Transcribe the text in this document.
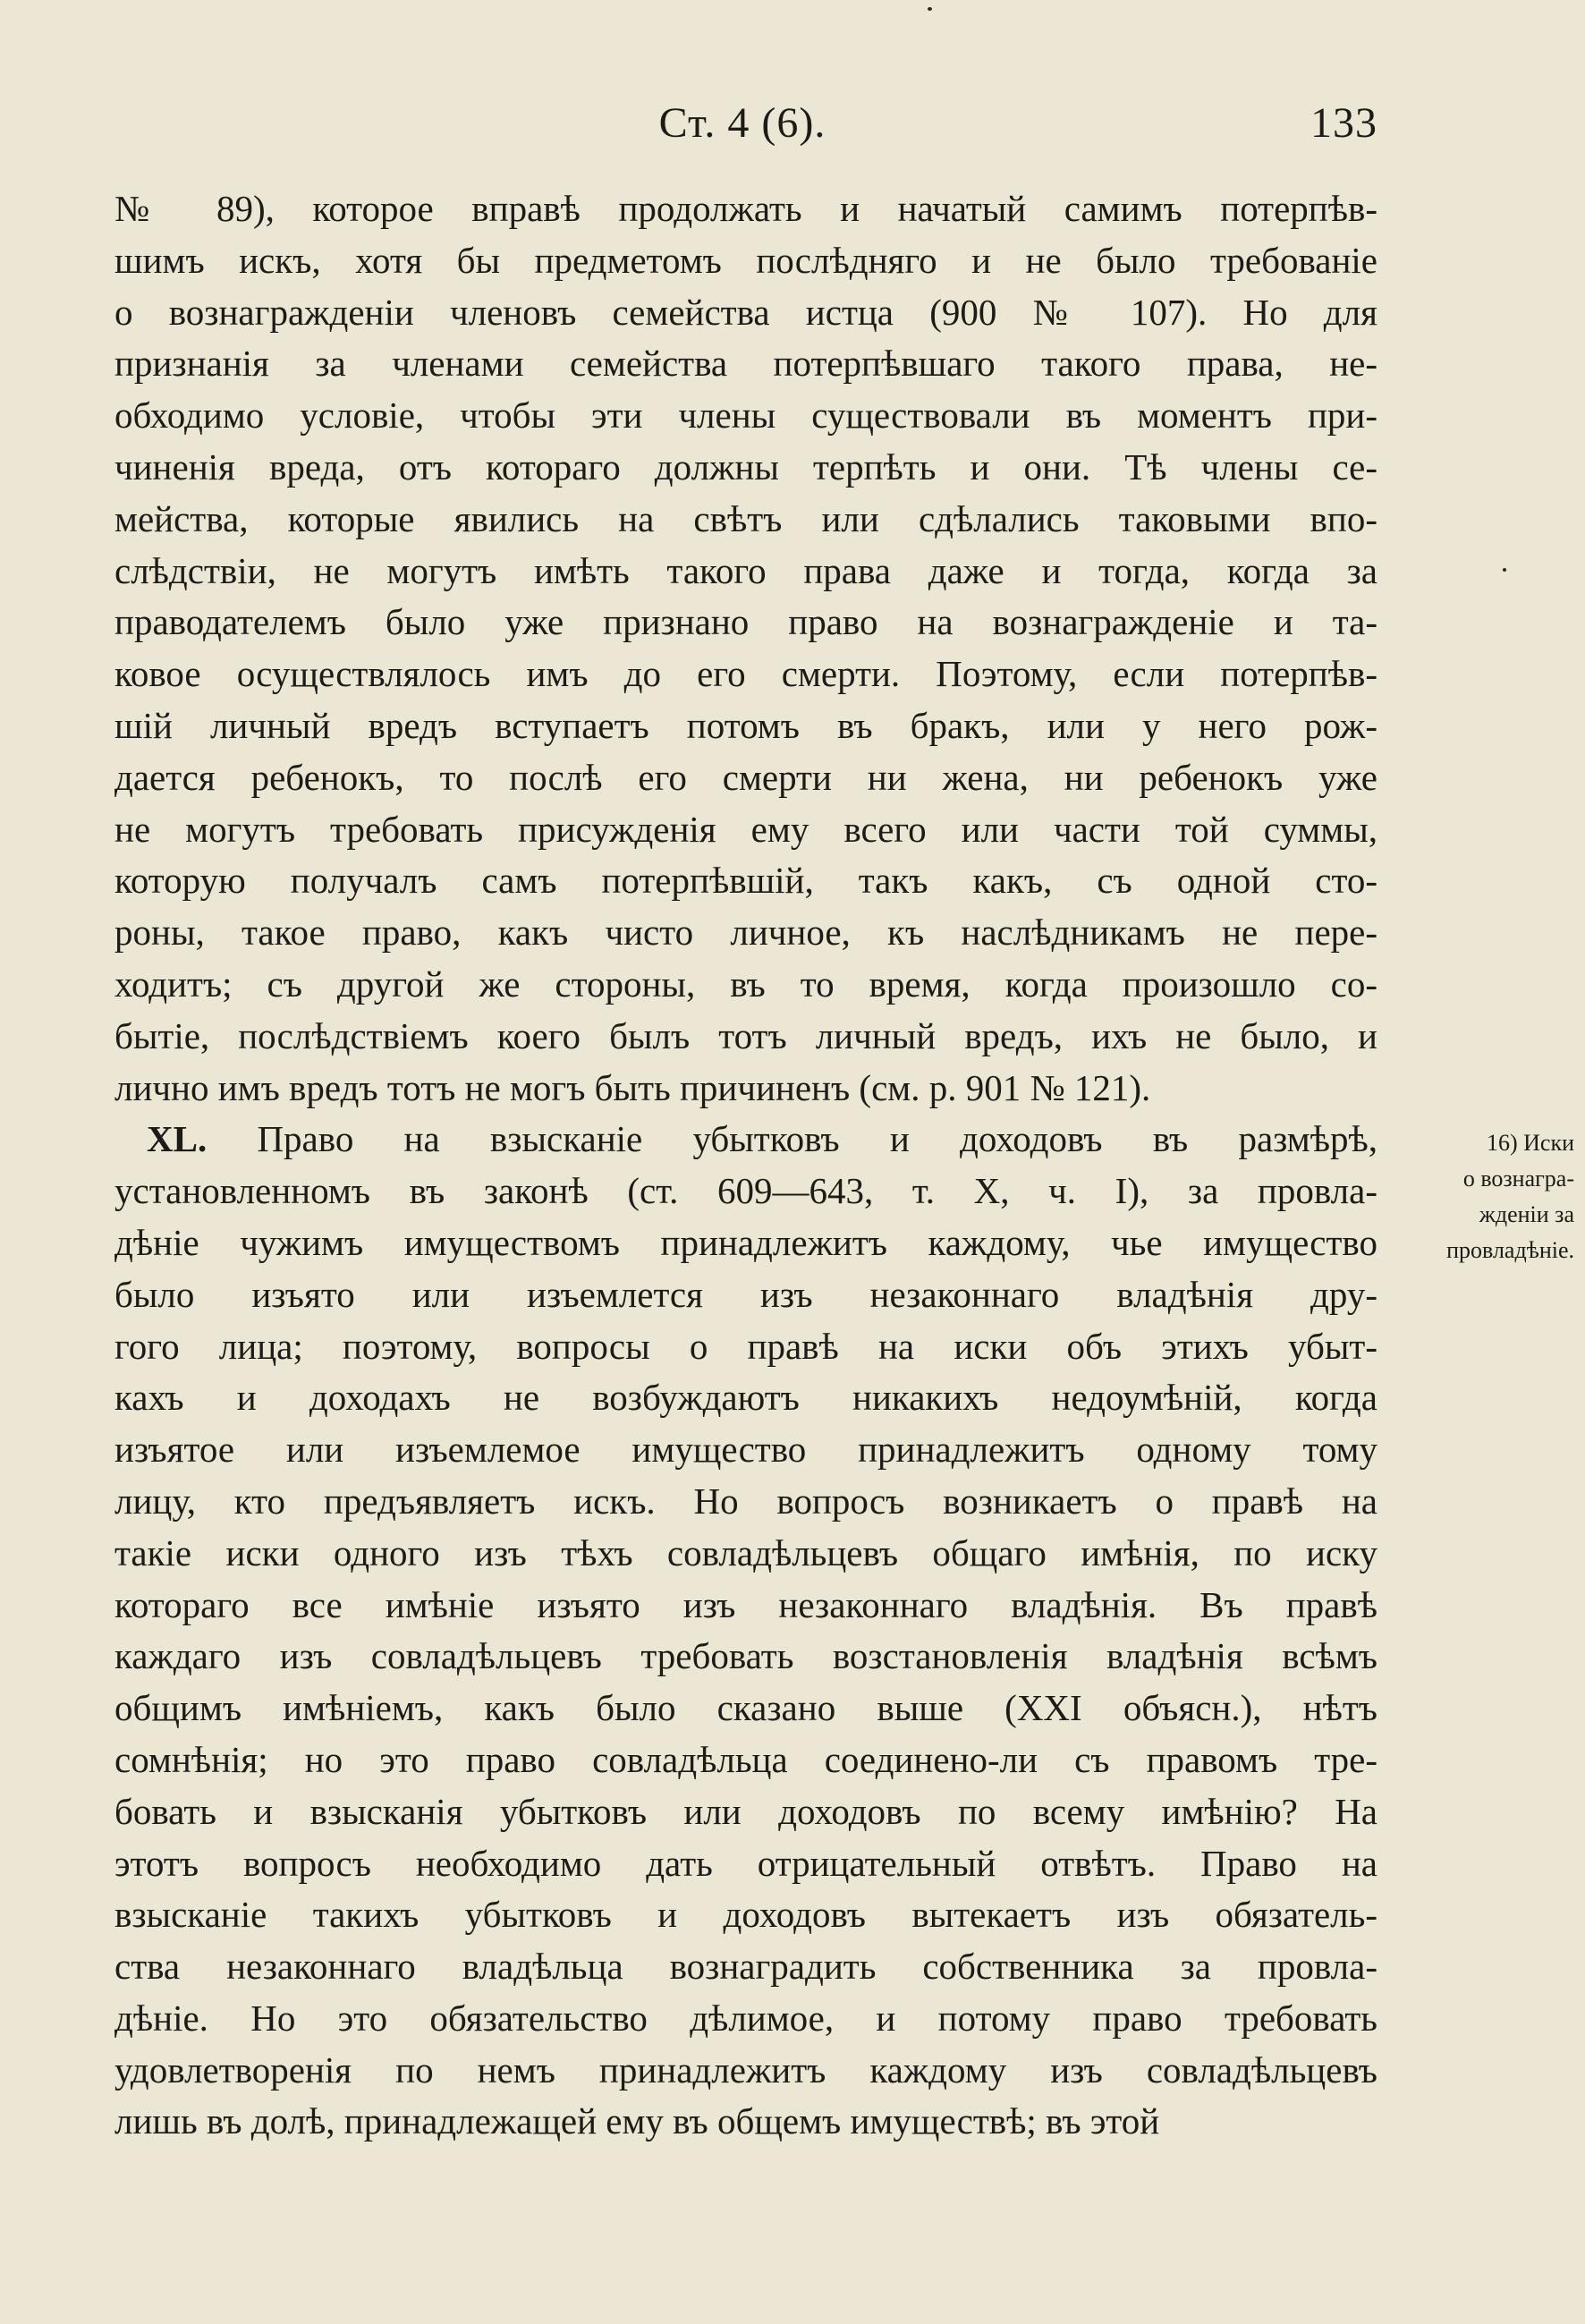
Ст. 4 (6).	133
№ 89), которое вправѣ продолжать и начатый самимъ потерпѣв-
шимъ искъ, хотя бы предметомъ послѣдняго и не было требованіе
о вознагражденіи членовъ семейства истца (900 № 107). Но для
признанія за членами семейства потерпѣвшаго такого права, не-
обходимо условіе, чтобы эти члены существовали въ моментъ при-
чиненія вреда, отъ котораго должны терпѣть и они. Тѣ члены се-
мейства, которые явились на свѣтъ или сдѣлались таковыми впо-
слѣдствіи, не могутъ имѣть такого права даже и тогда, когда за
праводателемъ было уже признано право на вознагражденіе и та-
ковое осуществлялось имъ до его смерти. Поэтому, если потерпѣв-
шій личный вредъ вступаетъ потомъ въ бракъ, или у него рож-
дается ребенокъ, то послѣ его смерти ни жена, ни ребенокъ уже
не могутъ требовать присужденія ему всего или части той суммы,
которую получалъ самъ потерпѣвшій, такъ какъ, съ одной сто-
роны, такое право, какъ чисто личное, къ наслѣдникамъ не пере-
ходитъ; съ другой же стороны, въ то время, когда произошло со-
бытіе, послѣдствіемъ коего былъ тотъ личный вредъ, ихъ не было, и
лично имъ вредъ тотъ не могъ быть причиненъ (см. р. 901 № 121).
XL. Право на взысканіе убытковъ и доходовъ въ размѣрѣ,
установленномъ въ законѣ (ст. 609—643, т. X, ч. I), за провла-
дѣніе чужимъ имуществомъ принадлежитъ каждому, чье имущество
было изъято или изъемлется изъ незаконнаго владѣнія дру-
гого лица; поэтому, вопросы о правѣ на иски объ этихъ убыт-
кахъ и доходахъ не возбуждаютъ никакихъ недоумѣній, когда
изъятое или изъемлемое имущество принадлежитъ одному тому
лицу, кто предъявляетъ искъ. Но вопросъ возникаетъ о правѣ на
такіе иски одного изъ тѣхъ совладѣльцевъ общаго имѣнія, по иску
котораго все имѣніе изъято изъ незаконнаго владѣнія. Въ правѣ
каждаго изъ совладѣльцевъ требовать возстановленія владѣнія всѣмъ
общимъ имѣніемъ, какъ было сказано выше (XXI объясн.), нѣтъ
сомнѣнія; но это право совладѣльца соединено-ли съ правомъ тре-
бовать и взысканія убытковъ или доходовъ по всему имѣнію? На
этотъ вопросъ необходимо дать отрицательный отвѣтъ. Право на
взысканіе такихъ убытковъ и доходовъ вытекаетъ изъ обязатель-
ства незаконнаго владѣльца вознаградить собственника за провла-
дѣніе. Но это обязательство дѣлимое, и потому право требовать
удовлетворенія по немъ принадлежитъ каждому изъ совладѣльцевъ
лишь въ долѣ, принадлежащей ему въ общемъ имуществѣ; въ этой
16) Иски
о вознагра-
жденіи за
провладѣніе.
